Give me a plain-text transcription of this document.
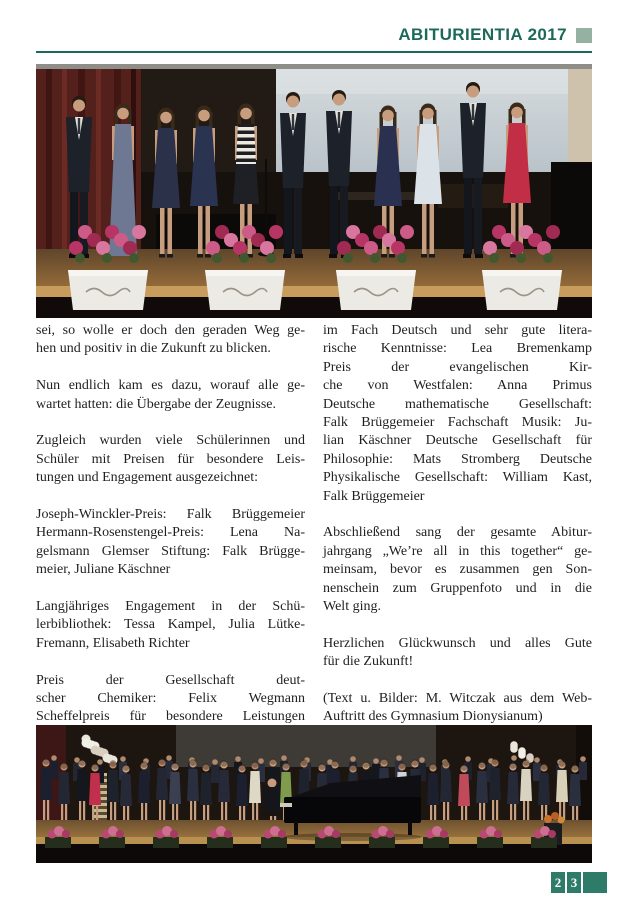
ABITURIENTIA 2017
sei, so wolle er doch den geraden Weg ge-
hen und positiv in die Zukunft zu blicken.
Nun endlich kam es dazu, worauf alle ge-
wartet hatten: die Übergabe der Zeugnisse.
Zugleich wurden viele Schülerinnen und
Schüler mit Preisen für besondere Leis-
tungen und Engagement ausgezeichnet:
Joseph-Winckler-Preis: Falk Brüggemeier
Hermann-Rosenstengel-Preis: Lena Na-
gelsmann Glemser Stiftung: Falk Brügge-
meier, Juliane Käschner
Langjähriges Engagement in der Schü-
lerbibliothek: Tessa Kampel, Julia Lütke-
Fremann, Elisabeth Richter
Preis der Gesellschaft deut-
scher Chemiker: Felix Wegmann
Scheffelpreis für besondere Leistungen
im Fach Deutsch und sehr gute litera-
rische Kenntnisse: Lea Bremenkamp
Preis der evangelischen Kir-
che von Westfalen: Anna Primus
Deutsche mathematische Gesellschaft:
Falk Brüggemeier Fachschaft Musik: Ju-
lian Käschner Deutsche Gesellschaft für
Philosophie: Mats Stromberg Deutsche
Physikalische Gesellschaft: William Kast,
Falk Brüggemeier
Abschließend sang der gesamte Abitur-
jahrgang „We’re all in this together“ ge-
meinsam, bevor es zusammen gen Son-
nenschein zum Gruppenfoto und in die
Welt ging.
Herzlichen Glückwunsch und alles Gute
für die Zukunft!
(Text u. Bilder: M. Witczak aus dem Web-
Auftritt des Gymnasium Dionysianum)
2 3
